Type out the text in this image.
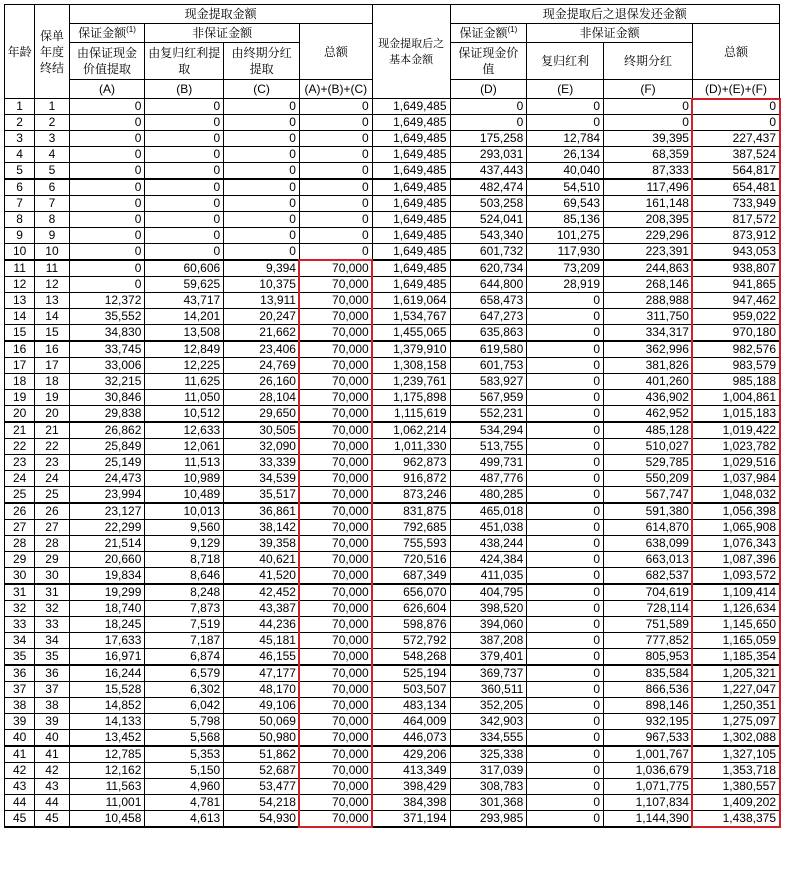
年龄	保单年度终结	现金提取金额				现金提取后之基本金额	现金提取后之退保发还金额			
		保证金额$^{(1)}$	非保证金额		总额		保证金额$^{(1)}$	非保证金额		总额
		由保证现金价值提取	由复归红利提取	由终期分红提取			保证现金价值	复归红利	终期分红	
		(A)	(B)	(C)	(A)+(B)+(C)		(D)	(E)	(F)	(D)+(E)+(F)
1	1	0	0	0	0	1,649,485	0	0	0	0
2	2	0	0	0	0	1,649,485	0	0	0	0
3	3	0	0	0	0	1,649,485	175,258	12,784	39,395	227,437
4	4	0	0	0	0	1,649,485	293,031	26,134	68,359	387,524
5	5	0	0	0	0	1,649,485	437,443	40,040	87,333	564,817
6	6	0	0	0	0	1,649,485	482,474	54,510	117,496	654,481
7	7	0	0	0	0	1,649,485	503,258	69,543	161,148	733,949
8	8	0	0	0	0	1,649,485	524,041	85,136	208,395	817,572
9	9	0	0	0	0	1,649,485	543,340	101,275	229,296	873,912
10	10	0	0	0	0	1,649,485	601,732	117,930	223,391	943,053
11	11	0	60,606	9,394	70,000	1,649,485	620,734	73,209	244,863	938,807
12	12	0	59,625	10,375	70,000	1,649,485	644,800	28,919	268,146	941,865
13	13	12,372	43,717	13,911	70,000	1,619,064	658,473	0	288,988	947,462
14	14	35,552	14,201	20,247	70,000	1,534,767	647,273	0	311,750	959,022
15	15	34,830	13,508	21,662	70,000	1,455,065	635,863	0	334,317	970,180
16	16	33,745	12,849	23,406	70,000	1,379,910	619,580	0	362,996	982,576
17	17	33,006	12,225	24,769	70,000	1,308,158	601,753	0	381,826	983,579
18	18	32,215	11,625	26,160	70,000	1,239,761	583,927	0	401,260	985,188
19	19	30,846	11,050	28,104	70,000	1,175,898	567,959	0	436,902	1,004,861
20	20	29,838	10,512	29,650	70,000	1,115,619	552,231	0	462,952	1,015,183
21	21	26,862	12,633	30,505	70,000	1,062,214	534,294	0	485,128	1,019,422
22	22	25,849	12,061	32,090	70,000	1,011,330	513,755	0	510,027	1,023,782
23	23	25,149	11,513	33,339	70,000	962,873	499,731	0	529,785	1,029,516
24	24	24,473	10,989	34,539	70,000	916,872	487,776	0	550,209	1,037,984
25	25	23,994	10,489	35,517	70,000	873,246	480,285	0	567,747	1,048,032
26	26	23,127	10,013	36,861	70,000	831,875	465,018	0	591,380	1,056,398
27	27	22,299	9,560	38,142	70,000	792,685	451,038	0	614,870	1,065,908
28	28	21,514	9,129	39,358	70,000	755,593	438,244	0	638,099	1,076,343
29	29	20,660	8,718	40,621	70,000	720,516	424,384	0	663,013	1,087,396
30	30	19,834	8,646	41,520	70,000	687,349	411,035	0	682,537	1,093,572
31	31	19,299	8,248	42,452	70,000	656,070	404,795	0	704,619	1,109,414
32	32	18,740	7,873	43,387	70,000	626,604	398,520	0	728,114	1,126,634
33	33	18,245	7,519	44,236	70,000	598,876	394,060	0	751,589	1,145,650
34	34	17,633	7,187	45,181	70,000	572,792	387,208	0	777,852	1,165,059
35	35	16,971	6,874	46,155	70,000	548,268	379,401	0	805,953	1,185,354
36	36	16,244	6,579	47,177	70,000	525,194	369,737	0	835,584	1,205,321
37	37	15,528	6,302	48,170	70,000	503,507	360,511	0	866,536	1,227,047
38	38	14,852	6,042	49,106	70,000	483,134	352,205	0	898,146	1,250,351
39	39	14,133	5,798	50,069	70,000	464,009	342,903	0	932,195	1,275,097
40	40	13,452	5,568	50,980	70,000	446,073	334,555	0	967,533	1,302,088
41	41	12,785	5,353	51,862	70,000	429,206	325,338	0	1,001,767	1,327,105
42	42	12,162	5,150	52,687	70,000	413,349	317,039	0	1,036,679	1,353,718
43	43	11,563	4,960	53,477	70,000	398,429	308,783	0	1,071,775	1,380,557
44	44	11,001	4,781	54,218	70,000	384,398	301,368	0	1,107,834	1,409,202
45	45	10,458	4,613	54,930	70,000	371,194	293,985	0	1,144,390	1,438,375
